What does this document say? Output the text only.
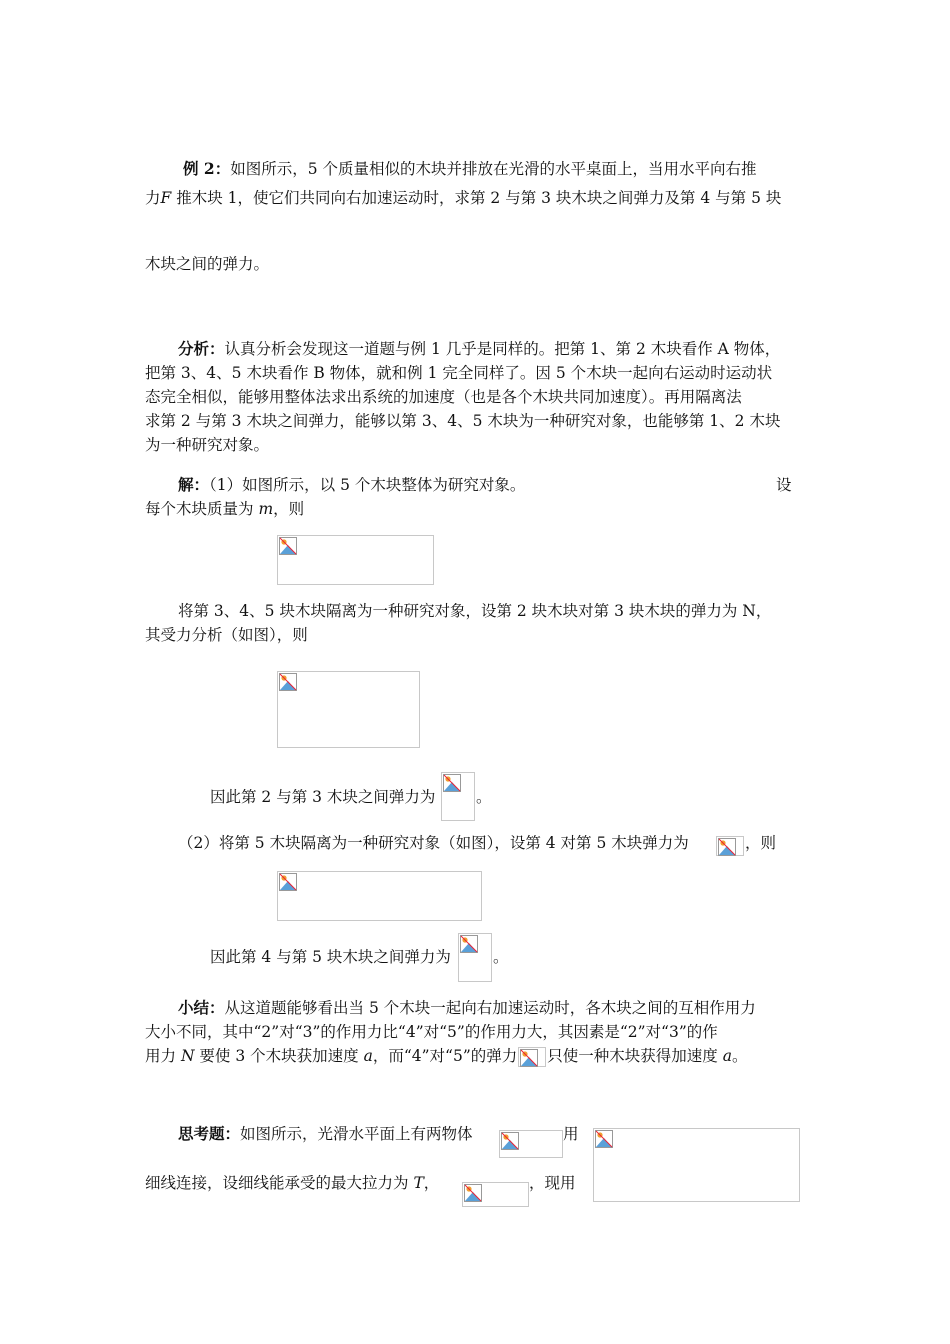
例 2：如图所示，5 个质量相似的木块并排放在光滑的水平桌面上，当用水平向右推
力F 推木块 1，使它们共同向右加速运动时，求第 2 与第 3 块木块之间弹力及第 4 与第 5 块
木块之间的弹力。
分析：认真分析会发现这一道题与例 1 几乎是同样的。把第 1、第 2 木块看作 A 物体，
把第 3、4、5 木块看作 B 物体，就和例 1 完全同样了。因 5 个木块一起向右运动时运动状
态完全相似，能够用整体法求出系统的加速度（也是各个木块共同加速度）。再用隔离法
求第 2 与第 3 木块之间弹力，能够以第 3、4、5 木块为一种研究对象，也能够第 1、2 木块
为一种研究对象。
解：（1）如图所示，以 5 个木块整体为研究对象。	设
每个木块质量为 m，则
将第 3、4、5 块木块隔离为一种研究对象，设第 2 块木块对第 3 块木块的弹力为 N，
其受力分析（如图），则
因此第 2 与第 3 木块之间弹力为	。
（2）将第 5 木块隔离为一种研究对象（如图），设第 4 对第 5 木块弹力为	，则
因此第 4 与第 5 块木块之间弹力为	。
小结：从这道题能够看出当 5 个木块一起向右加速运动时，各木块之间的互相作用力
大小不同，其中“2”对“3”的作用力比“4”对“5”的作用力大，其因素是“2”对“3”的作
用力 N 要使 3 个木块获加速度 a，而“4”对“5”的弹力 只使一种木块获得加速度 a。
思考题：如图所示，光滑水平面上有两物体	用
细线连接，设细线能承受的最大拉力为 T，	，现用
